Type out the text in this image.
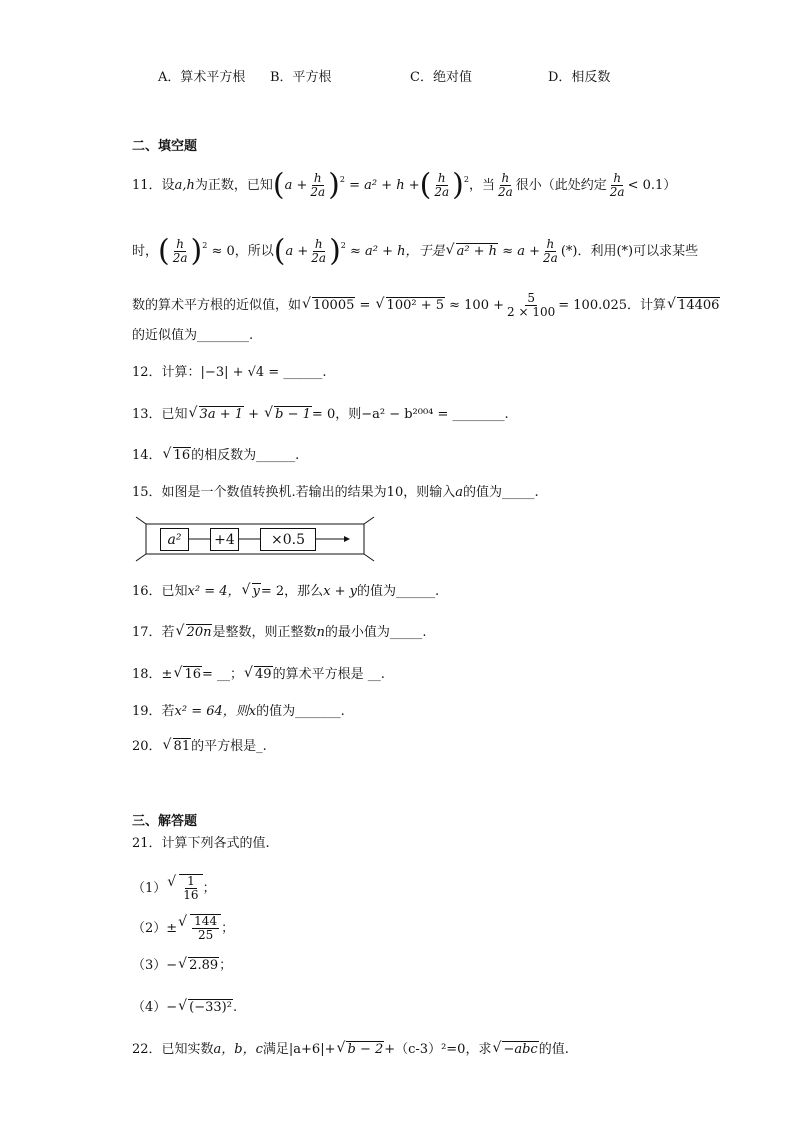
A．算术平方根 B．平方根	C．绝对值	D．相反数
二、填空题
11．设a,h为正数，已知$(a + \frac{h}{2a} )^2 = a^2 + h$ +( $\frac{h}{2a} )^2$，当 $\frac{h}{2a}$ 很小（此处约定 $\frac{h}{2a} < 0.1$）
时，( $\frac{h}{2a} )^2 \approx 0$，所以$(a + \frac{h}{2a} )^2 \approx a^2 + h$，于是 √ $a^2 + h \approx a + \frac{h}{2a}$ (*)．利用(*)可以求某些
数的算术平方根的近似值，如 √ 10005 = √ $100^2 + 5 \approx 100 + \frac{5}{2 \times 100} = 100.025$．计算 √ 14406
的近似值为________.
12．计算：|−3| + √4 = ______.
13．已知 √ 3a + 1 + √ b − 1= 0，则−a² − b²⁰⁰⁴ = ________.
14． √ 16的相反数为______.
15．如图是一个数值转换机.若输出的结果为10，则输入a的值为_____.
a²	+4	×0.5
16．已知x² = 4， √ y= 2，那么x + y的值为______.
17．若 √ 20n是整数，则正整数n的最小值为_____.
18．± √ 16= __； √ 49的算术平方根是 __.
19．若x² = 64，则x的值为_______.
20． √ 81的平方根是_.
三、解答题
21．计算下列各式的值.
（1） √ $\frac{1}{16}$ ；
（2）± √ $\frac{144}{25}$ ；
（3）− √ 2.89；
（4）− √ (−33)².
22．已知实数a，b，c满足|a+6|+ √ b − 2+（c-3）²=0，求 √ −abc的值.
